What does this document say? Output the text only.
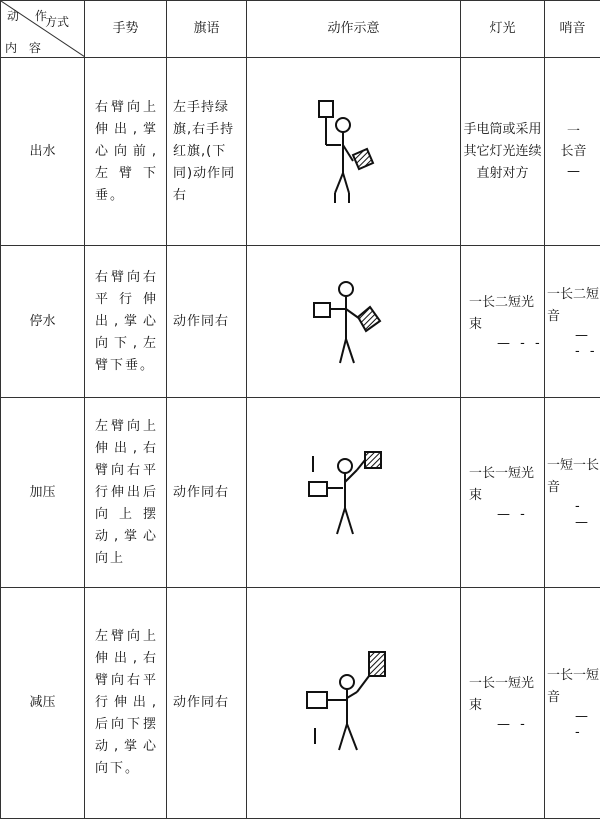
动 作
方式
内 容	手势	旗语	动作示意	灯光	哨音
出水	右臂向上伸出,掌心向前,左臂下垂。	左手持绿旗,右手持红旗,(下同)动作同右		手电筒或采用其它灯光连续直射对方	一
长音
—
停水	右臂向右平行伸出,掌心向下,左臂下垂。	动作同右		一长二短光束
— - -	一长二短音
— - -

加压	左臂向上伸出,右臂向右平行伸出后向上摆动,掌心向上	动作同右		一长一短光束
— -	一短一长音
- —

减压	左臂向上伸出,右臂向右平行伸出,后向下摆动,掌心向下。	动作同右		一长一短光束
— -	一长一短音
— -
